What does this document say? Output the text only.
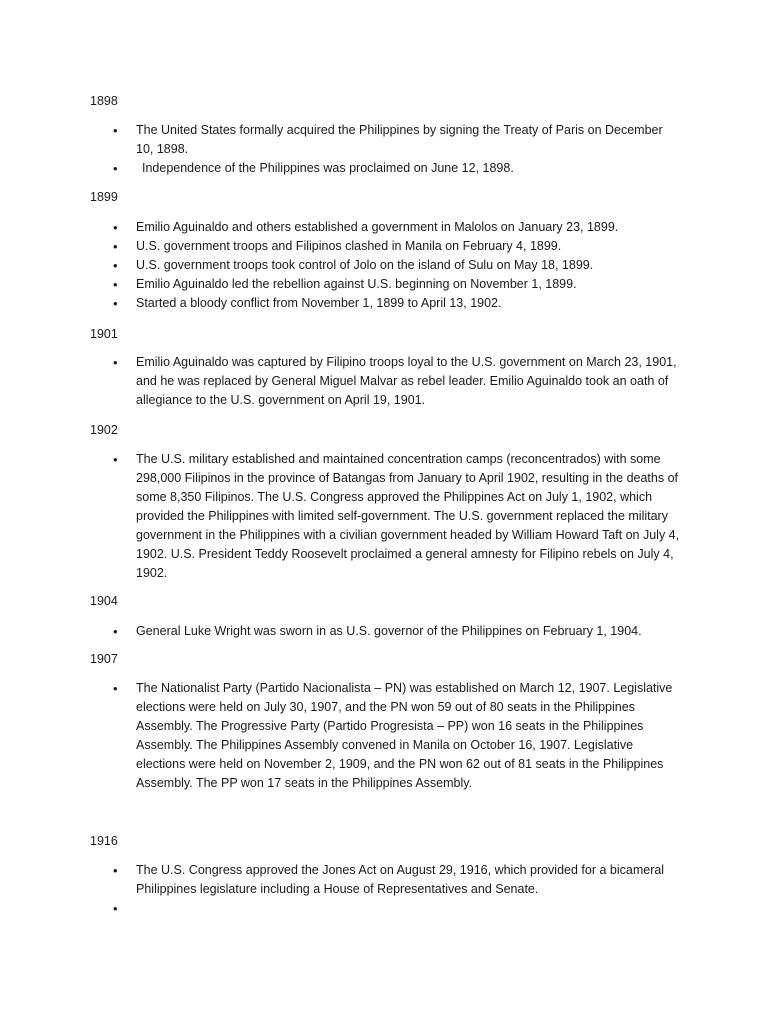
1898

• The United States formally acquired the Philippines by signing the Treaty of Paris on December 10, 1898.
• Independence of the Philippines was proclaimed on June 12, 1898.

1899

• Emilio Aguinaldo and others established a government in Malolos on January 23, 1899.
• U.S. government troops and Filipinos clashed in Manila on February 4, 1899.
• U.S. government troops took control of Jolo on the island of Sulu on May 18, 1899.
• Emilio Aguinaldo led the rebellion against U.S. beginning on November 1, 1899.
• Started a bloody conflict from November 1, 1899 to April 13, 1902.

1901

• Emilio Aguinaldo was captured by Filipino troops loyal to the U.S. government on March 23, 1901, and he was replaced by General Miguel Malvar as rebel leader. Emilio Aguinaldo took an oath of allegiance to the U.S. government on April 19, 1901.

1902

• The U.S. military established and maintained concentration camps (reconcentrados) with some 298,000 Filipinos in the province of Batangas from January to April 1902, resulting in the deaths of some 8,350 Filipinos. The U.S. Congress approved the Philippines Act on July 1, 1902, which provided the Philippines with limited self-government. The U.S. government replaced the military government in the Philippines with a civilian government headed by William Howard Taft on July 4, 1902. U.S. President Teddy Roosevelt proclaimed a general amnesty for Filipino rebels on July 4, 1902.

1904

• General Luke Wright was sworn in as U.S. governor of the Philippines on February 1, 1904.

1907

• The Nationalist Party (Partido Nacionalista – PN) was established on March 12, 1907. Legislative elections were held on July 30, 1907, and the PN won 59 out of 80 seats in the Philippines Assembly. The Progressive Party (Partido Progresista – PP) won 16 seats in the Philippines Assembly. The Philippines Assembly convened in Manila on October 16, 1907. Legislative elections were held on November 2, 1909, and the PN won 62 out of 81 seats in the Philippines Assembly. The PP won 17 seats in the Philippines Assembly.

1916

• The U.S. Congress approved the Jones Act on August 29, 1916, which provided for a bicameral Philippines legislature including a House of Representatives and Senate.
•
